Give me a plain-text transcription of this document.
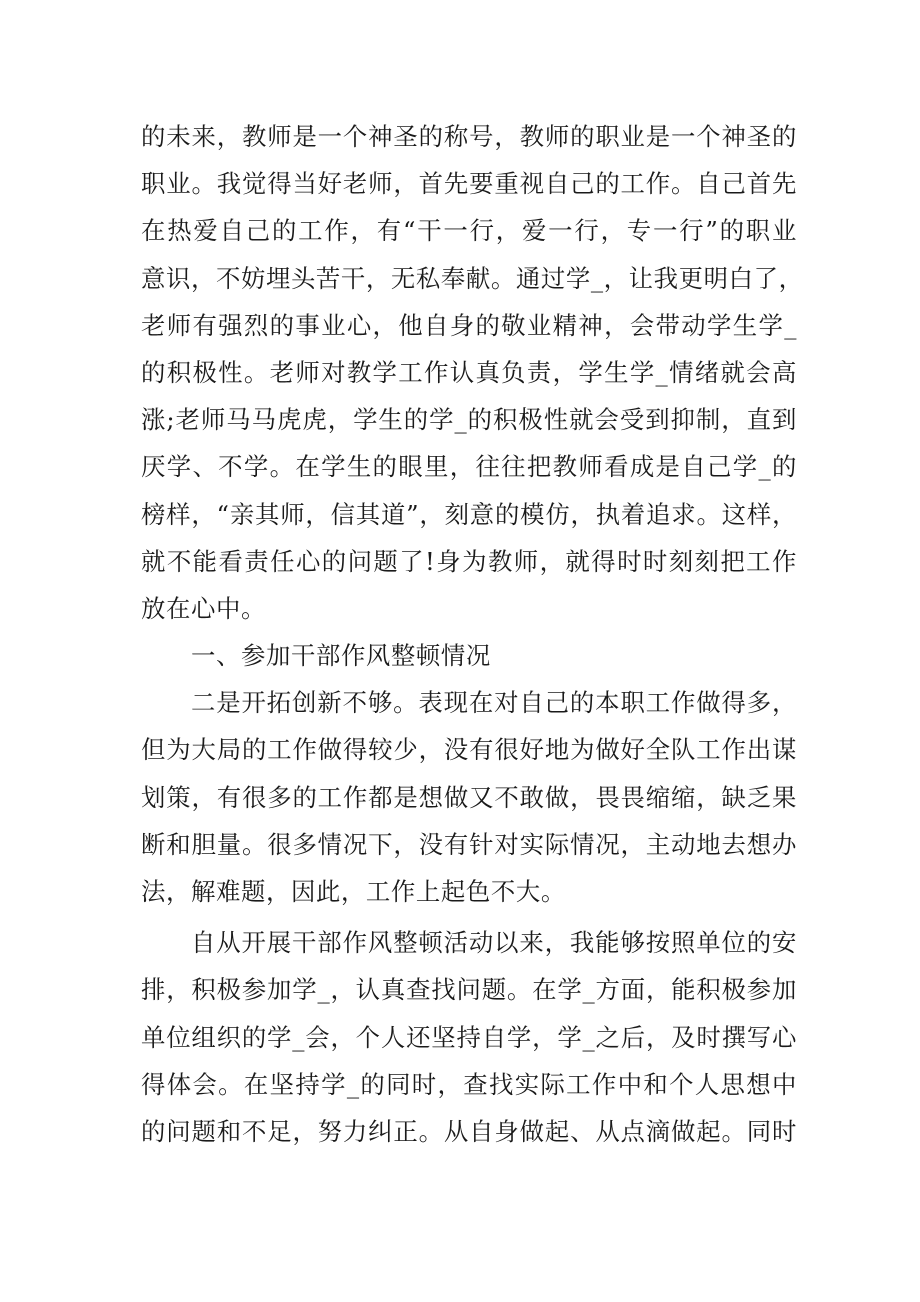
的未来，教师是一个神圣的称号，教师的职业是一个神圣的
职业。我觉得当好老师，首先要重视自己的工作。自己首先
在热爱自己的工作，有“干一行，爱一行，专一行”的职业
意识，不妨埋头苦干，无私奉献。通过学_，让我更明白了，
老师有强烈的事业心，他自身的敬业精神，会带动学生学_
的积极性。老师对教学工作认真负责，学生学_情绪就会高
涨;老师马马虎虎，学生的学_的积极性就会受到抑制，直到
厌学、不学。在学生的眼里，往往把教师看成是自己学_的
榜样，“亲其师，信其道”，刻意的模仿，执着追求。这样，
就不能看责任心的问题了!身为教师，就得时时刻刻把工作
放在心中。
一、参加干部作风整顿情况
二是开拓创新不够。表现在对自己的本职工作做得多，
但为大局的工作做得较少，没有很好地为做好全队工作出谋
划策，有很多的工作都是想做又不敢做，畏畏缩缩，缺乏果
断和胆量。很多情况下，没有针对实际情况，主动地去想办
法，解难题，因此，工作上起色不大。
自从开展干部作风整顿活动以来，我能够按照单位的安
排，积极参加学_，认真查找问题。在学_方面，能积极参加
单位组织的学_会，个人还坚持自学，学_之后，及时撰写心
得体会。在坚持学_的同时，查找实际工作中和个人思想中
的问题和不足，努力纠正。从自身做起、从点滴做起。同时
